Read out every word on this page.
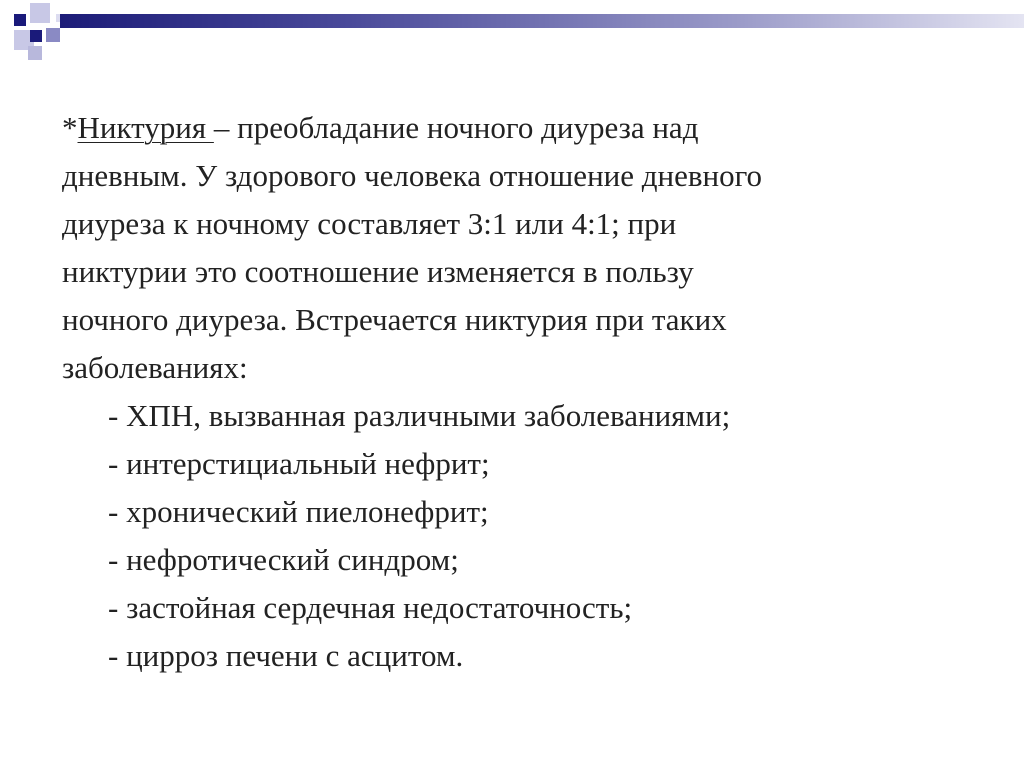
*Никтурия – преобладание ночного диуреза над
дневным. У здорового человека отношение дневного
диуреза к ночному составляет 3:1 или 4:1; при
никтурии это соотношение изменяется в пользу
ночного диуреза. Встречается никтурия при таких
заболеваниях:

- ХПН, вызванная различными заболеваниями;
- интерстициальный нефрит;
- хронический пиелонефрит;
- нефротический синдром;
- застойная сердечная недостаточность;
- цирроз печени с асцитом.
